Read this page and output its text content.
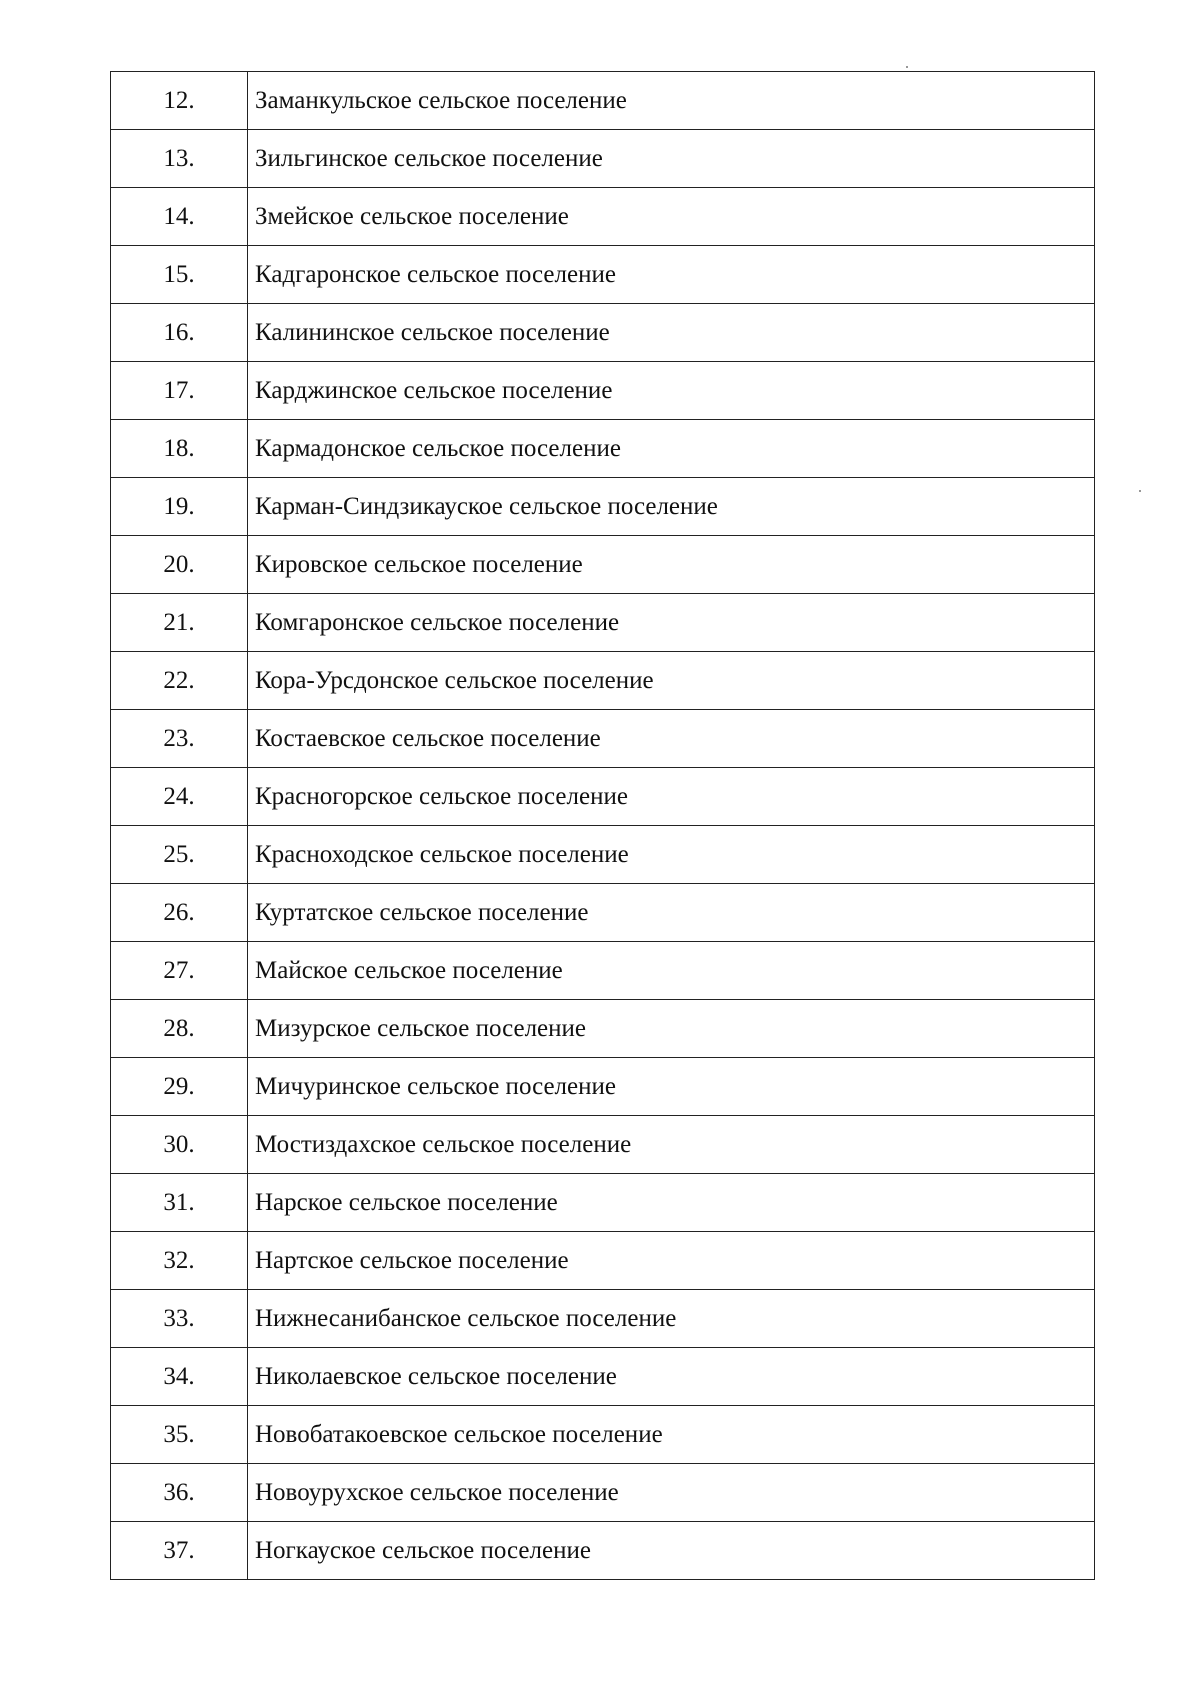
12.	Заманкульское сельское поселение
13.	Зильгинское сельское поселение
14.	Змейское сельское поселение
15.	Кадгаронское сельское поселение
16.	Калининское сельское поселение
17.	Карджинское сельское поселение
18.	Кармадонское сельское поселение
19.	Карман-Синдзикауское сельское поселение
20.	Кировское сельское поселение
21.	Комгаронское сельское поселение
22.	Кора-Урсдонское сельское поселение
23.	Костаевское сельское поселение
24.	Красногорское сельское поселение
25.	Красноходское сельское поселение
26.	Куртатское сельское поселение
27.	Майское сельское поселение
28.	Мизурское сельское поселение
29.	Мичуринское сельское поселение
30.	Мостиздахское сельское поселение
31.	Нарское сельское поселение
32.	Нартское сельское поселение
33.	Нижнесанибанское сельское поселение
34.	Николаевское сельское поселение
35.	Новобатакоевское сельское поселение
36.	Новоурухское сельское поселение
37.	Ногкауское сельское поселение
